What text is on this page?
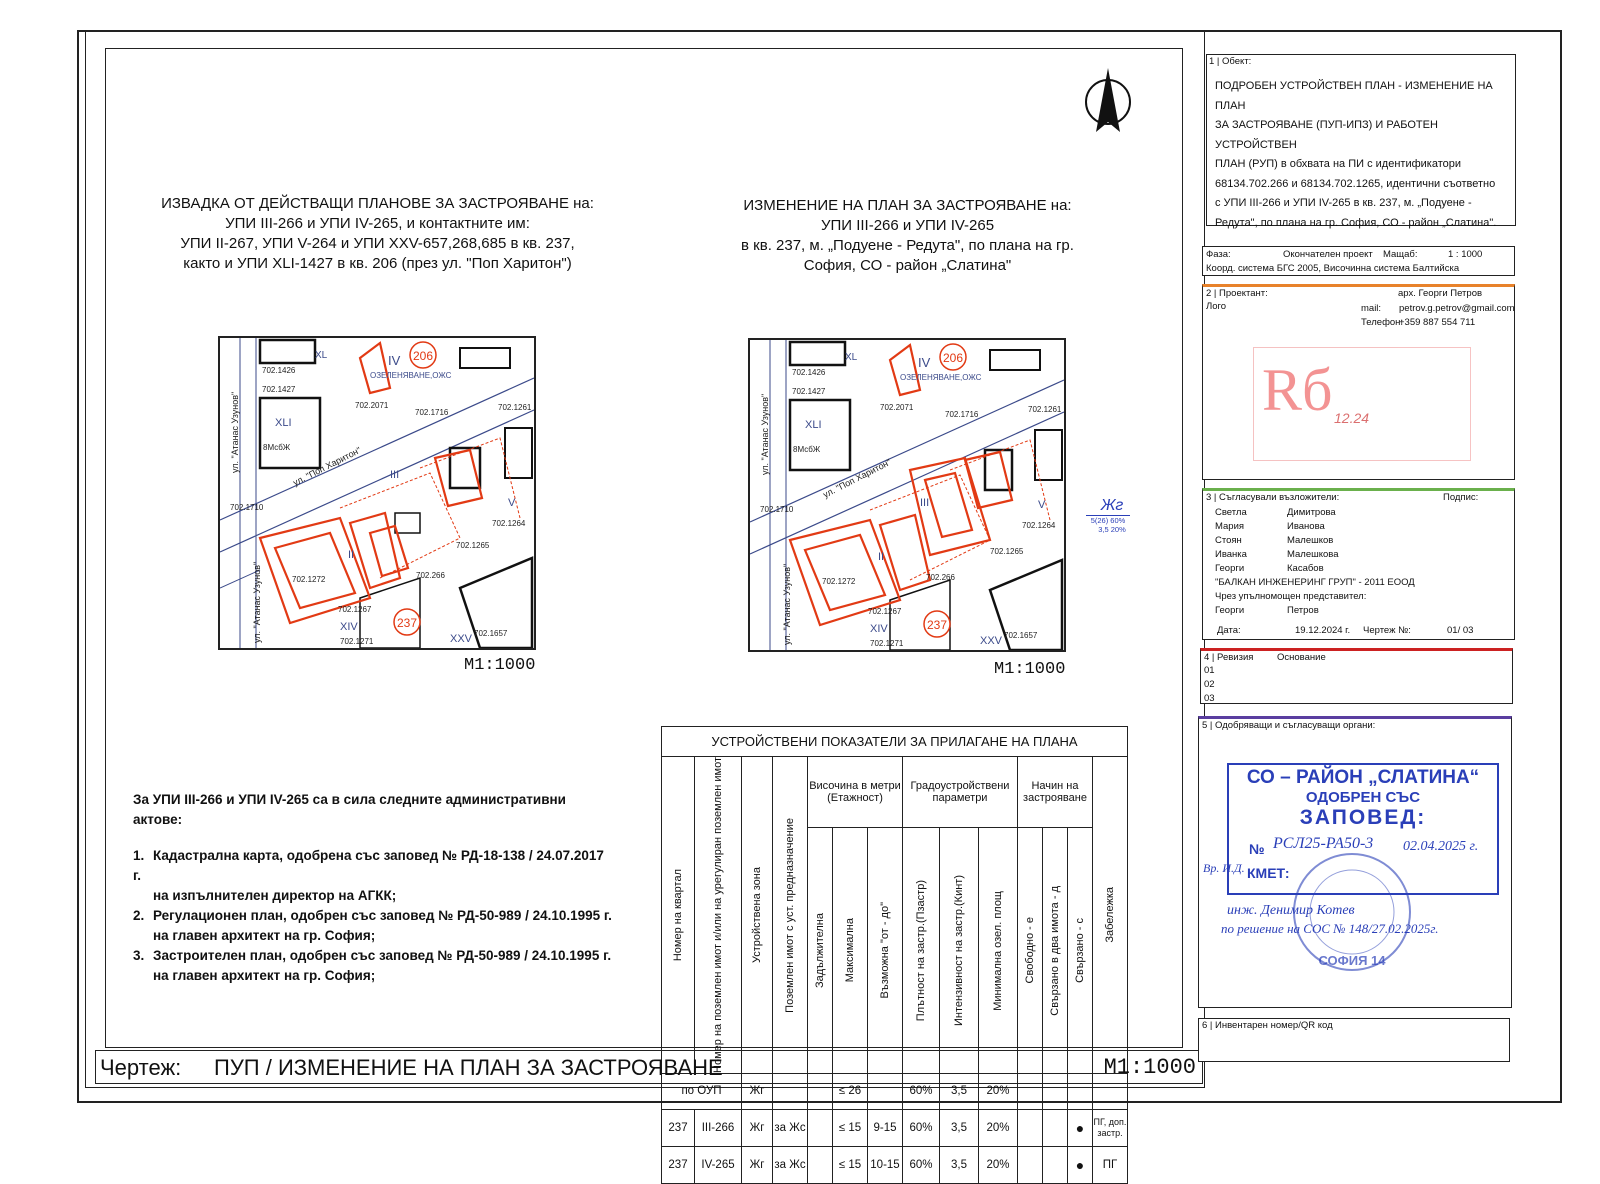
ИЗВАДКА ОТ ДЕЙСТВАЩИ ПЛАНОВЕ ЗА ЗАСТРОЯВАНЕ на:
УПИ III-266 и УПИ IV-265, и контактните им:
УПИ II-267, УПИ V-264 и УПИ XXV-657,268,685 в кв. 237,
както и УПИ XLI-1427 в кв. 206 (през ул. "Поп Харитон")
ИЗМЕНЕНИЕ НА ПЛАН ЗА ЗАСТРОЯВАНЕ на:
УПИ III-266 и УПИ IV-265
в кв. 237, м. „Подуене - Редута", по плана на гр.
София, СО - район „Слатина"
206
237
ОЗЕЛЕНЯВАНЕ,ОЖС
IV
XL
XLI
III
II
V
XIV
XXV
702.1426
702.1427
702.2071
702.1716
702.1261
702.1710
702.1264
702.1265
702.266
702.1267
702.1271
702.1272
702.1657
8МсбЖ ул. "Поп Харитон"
ул. "Атанас Узунов"
ул. "Атанас Узунов"
M1:1000
206
237
ОЗЕЛЕНЯВАНЕ,ОЖС
IV
XL
XLI
III
II
V
XIV
XXV
702.1426
702.1427
702.2071
702.1716
702.1261
702.1710
702.1264
702.1265
702.266
702.1267
702.1271
702.1272
702.1657
8МсбЖ
ул. "Поп Харитон"
ул. "Атанас Узунов"
ул. "Атанас Узунов"
M1:1000
Жг
5(26) 60%
3,5 20%
За УПИ III-266 и УПИ IV-265 са в сила следните административни актове:
1. Кадастрална карта, одобрена със заповед № РД-18-138 / 24.07.2017 г.
на изпълнителен директор на АГКК;
2. Регулационен план, одобрен със заповед № РД-50-989 / 24.10.1995 г.
на главен архитект на гр. София;
3. Застроителен план, одобрен със заповед № РД-50-989 / 24.10.1995 г.
на главен архитект на гр. София;
УСТРОЙСТВЕНИ ПОКАЗАТЕЛИ ЗА ПРИЛАГАНЕ НА ПЛАНА													

Номер на квартал	Номер на поземлен имот и/или на урегулиран поземлен имот	Устройствена зона	Поземлен имот с уст. предназначение	Височина в метри (Етажност)			Градоустройствени параметри			Начин на застрояване			Забележка

				Задължителна	Максимална	Възможна "от - до"	Плътност на застр.(Пзастр)	Интензивност на застр.(Кинт)	Минимална озел. площ	Свободно - е	Свързано в два имота - д	Свързано - с	

по ОУП		Жг			≤ 26		60%	3,5	20%				
237	III-266	Жг	за Жс		≤ 15	9-15	60%	3,5	20%			●	ПГ, доп. застр.
237	IV-265	Жг	за Жс		≤ 15	10-15	60%	3,5	20%			●	ПГ
Чертеж: ПУП / ИЗМЕНЕНИЕ НА ПЛАН ЗА ЗАСТРОЯВАНЕ	M1:1000
1 | Обект:
ПОДРОБЕН УСТРОЙСТВЕН ПЛАН - ИЗМЕНЕНИЕ НА ПЛАН
ЗА ЗАСТРОЯВАНЕ (ПУП-ИПЗ) И РАБОТЕН УСТРОЙСТВЕН
ПЛАН (РУП) в обхвата на ПИ с идентификатори
68134.702.266 и 68134.702.1265, идентични съответно
с УПИ III-266 и УПИ IV-265 в кв. 237, м. „Подуене -
Редута", по плана на гр. София, СО - район „Слатина".
Фаза:	Окончателен проект Мащаб:	1 : 1000
Коорд. система БГС 2005, Височинна система Балтийска
2 | Проектант:	арх. Георги Петров
Лого	mail: petrov.g.petrov@gmail.com
Телефон:
+359 887 554 711
Rб 12.24
3 | Съгласували възложители:	Подпис:
Светла	Димитрова
Мария	Иванова
Стоян	Малешков
Иванка	Малешкова
Георги	Касабов
"БАЛКАН ИНЖЕНЕРИНГ ГРУП" - 2011 ЕООД
Чрез упълномощен представител:
Георги	Петров
Дата:	19.12.2024 г. Чертеж №:	01/ 03
4 | Ревизия Основание
01
02
03
5 | Одобряващи и съгласуващи органи:
СО – РАЙОН „СЛАТИНА“
ОДОБРЕН СЪС
ЗАПОВЕД:
№ РСЛ25-РА50-3 02.04.2025 г.
КМЕТ:
Вр. И.Д.
СОФИЯ 14
инж. Денимир Котев
по решение на СОС № 148/27.02.2025г.
6 | Инвентарен номер/QR код
